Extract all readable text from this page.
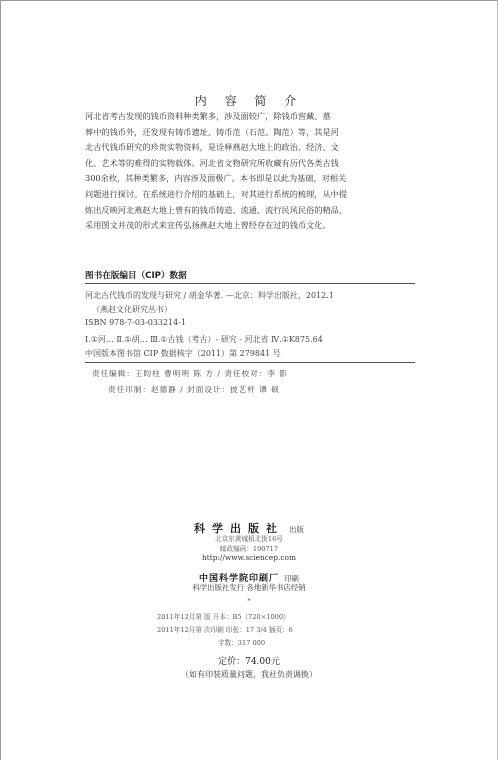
内 容 简 介
河北省考古发现的钱币资料种类繁多，涉及面较广，除钱币窖藏、墓
葬中的钱币外，还发现有铸币遗址、铸币范（石范、陶范）等，其是河
北古代钱币研究的珍贵实物资料，是诠释燕赵大地上的政治、经济、文
化、艺术等的难得的实物载体。河北省文物研究所收藏有历代各类古钱
300余枚，其种类繁多，内容涉及面极广。本书即是以此为基础，对相关
问题进行探讨。在系统进行介绍的基础上，对其进行系统的梳理，从中提
炼出反映河北燕赵大地上曾有的钱币铸造、流通、流行民风民俗的精品，
采用图文并茂的形式来宣传弘扬燕赵大地上曾经存在过的钱币文化。
图书在版编目（CIP）数据
河北古代钱币的发现与研究 / 胡金华著. —北京：科学出版社，2012.1
（燕赵文化研究丛书）
ISBN 978-7-03-033214-1
Ⅰ.①河… Ⅱ.①胡… Ⅲ.①古钱（考古）- 研究 - 河北省 Ⅳ.①K875.64
中国版本图书馆 CIP 数据核字（2011）第 279841 号
责任编辑：王昀柱 曹明明 陈 方 / 责任校对：李 影
责任印制：赵德静 / 封面设计：披艺杆 谭 硕
科学出版社 出版
北京东黄城根北街16号
邮政编码：100717
http://www.sciencep.com
中国科学院印刷厂 印刷
科学出版社发行 各地新华书店经销
*
2011年12月第 版 开本：B5（720×1000）
2011年12月第 次印刷 印张：17 3/4 插页：6
字数：317 000
定价：74.00元
（如有印装质量问题，我社负责调换）
